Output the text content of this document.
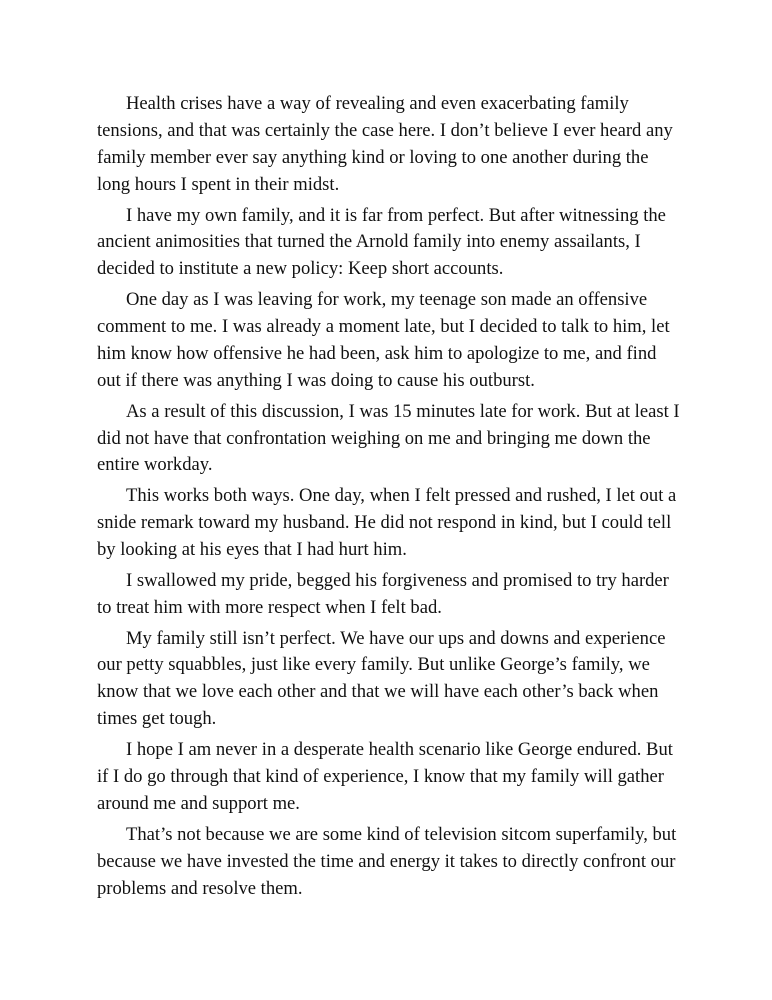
Health crises have a way of revealing and even exacerbating family tensions, and that was certainly the case here. I don’t believe I ever heard any family member ever say anything kind or loving to one another during the long hours I spent in their midst.

I have my own family, and it is far from perfect. But after witnessing the ancient animosities that turned the Arnold family into enemy assailants, I decided to institute a new policy: Keep short accounts.

One day as I was leaving for work, my teenage son made an offensive comment to me. I was already a moment late, but I decided to talk to him, let him know how offensive he had been, ask him to apologize to me, and find out if there was anything I was doing to cause his outburst.

As a result of this discussion, I was 15 minutes late for work. But at least I did not have that confrontation weighing on me and bringing me down the entire workday.

This works both ways. One day, when I felt pressed and rushed, I let out a snide remark toward my husband. He did not respond in kind, but I could tell by looking at his eyes that I had hurt him.

I swallowed my pride, begged his forgiveness and promised to try harder to treat him with more respect when I felt bad.

My family still isn’t perfect. We have our ups and downs and experience our petty squabbles, just like every family. But unlike George’s family, we know that we love each other and that we will have each other’s back when times get tough.

I hope I am never in a desperate health scenario like George endured. But if I do go through that kind of experience, I know that my family will gather around me and support me.

That’s not because we are some kind of television sitcom superfamily, but because we have invested the time and energy it takes to directly confront our problems and resolve them.
